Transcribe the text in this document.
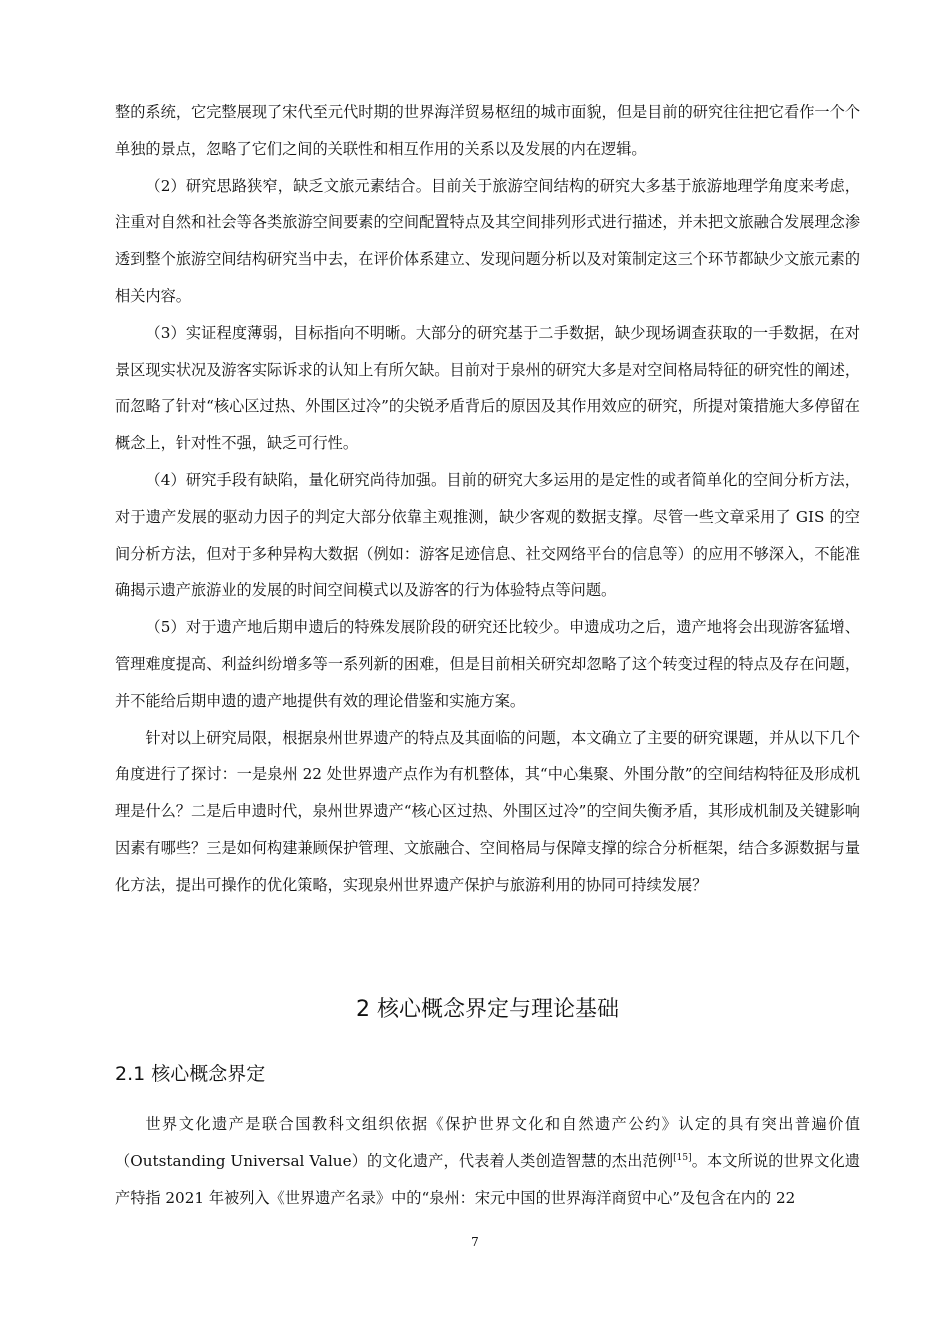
整的系统，它完整展现了宋代至元代时期的世界海洋贸易枢纽的城市面貌，但是目前的研究往往把它看作一个个单独的景点，忽略了它们之间的关联性和相互作用的关系以及发展的内在逻辑。

（2）研究思路狭窄，缺乏文旅元素结合。目前关于旅游空间结构的研究大多基于旅游地理学角度来考虑，注重对自然和社会等各类旅游空间要素的空间配置特点及其空间排列形式进行描述，并未把文旅融合发展理念渗透到整个旅游空间结构研究当中去，在评价体系建立、发现问题分析以及对策制定这三个环节都缺少文旅元素的相关内容。

（3）实证程度薄弱，目标指向不明晰。大部分的研究基于二手数据，缺少现场调查获取的一手数据，在对景区现实状况及游客实际诉求的认知上有所欠缺。目前对于泉州的研究大多是对空间格局特征的研究性的阐述，而忽略了针对“核心区过热、外围区过冷”的尖锐矛盾背后的原因及其作用效应的研究，所提对策措施大多停留在概念上，针对性不强，缺乏可行性。

（4）研究手段有缺陷，量化研究尚待加强。目前的研究大多运用的是定性的或者简单化的空间分析方法，对于遗产发展的驱动力因子的判定大部分依靠主观推测，缺少客观的数据支撑。尽管一些文章采用了 GIS 的空间分析方法，但对于多种异构大数据（例如：游客足迹信息、社交网络平台的信息等）的应用不够深入，不能准确揭示遗产旅游业的发展的时间空间模式以及游客的行为体验特点等问题。

（5）对于遗产地后期申遗后的特殊发展阶段的研究还比较少。申遗成功之后，遗产地将会出现游客猛增、管理难度提高、利益纠纷增多等一系列新的困难，但是目前相关研究却忽略了这个转变过程的特点及存在问题，并不能给后期申遗的遗产地提供有效的理论借鉴和实施方案。

针对以上研究局限，根据泉州世界遗产的特点及其面临的问题，本文确立了主要的研究课题，并从以下几个角度进行了探讨：一是泉州 22 处世界遗产点作为有机整体，其“中心集聚、外围分散”的空间结构特征及形成机理是什么？二是后申遗时代，泉州世界遗产“核心区过热、外围区过冷”的空间失衡矛盾，其形成机制及关键影响因素有哪些？三是如何构建兼顾保护管理、文旅融合、空间格局与保障支撑的综合分析框架，结合多源数据与量化方法，提出可操作的优化策略，实现泉州世界遗产保护与旅游利用的协同可持续发展？

2 核心概念界定与理论基础
2.1 核心概念界定

世界文化遗产是联合国教科文组织依据《保护世界文化和自然遗产公约》认定的具有突出普遍价值（Outstanding Universal Value）的文化遗产，代表着人类创造智慧的杰出范例[15]。本文所说的世界文化遗产特指 2021 年被列入《世界遗产名录》中的“泉州：宋元中国的世界海洋商贸中心”及包含在内的 22

7
